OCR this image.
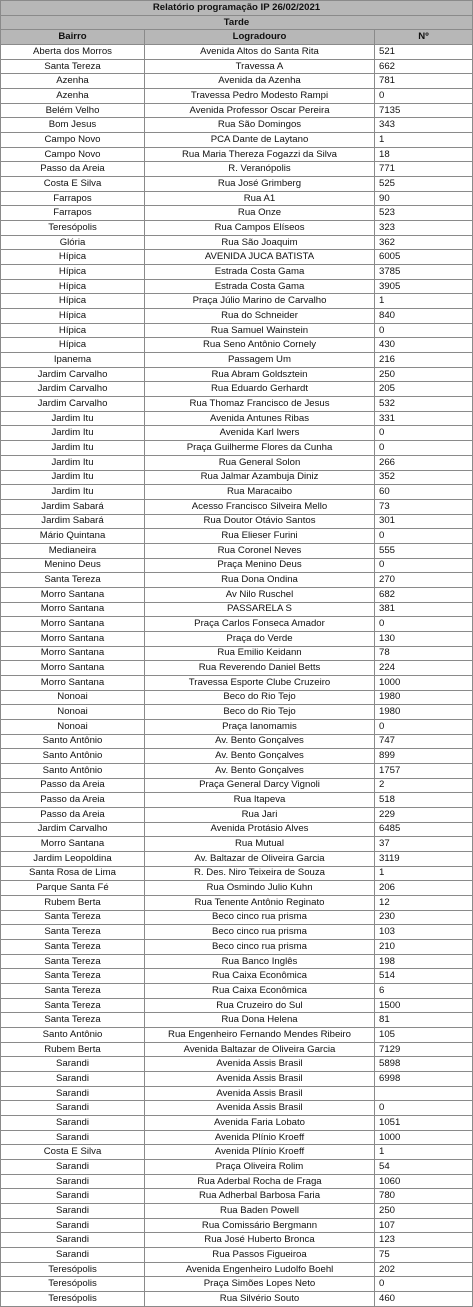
Relatório programação IP 26/02/2021		
Tarde		
Bairro	Logradouro	Nº
Aberta dos Morros	Avenida Altos do Santa Rita	521
Santa Tereza	Travessa A	662
Azenha	Avenida da Azenha	781
Azenha	Travessa Pedro Modesto Rampi	0
Belém Velho	Avenida Professor Oscar Pereira	7135
Bom Jesus	Rua São Domingos	343
Campo Novo	PCA Dante de Laytano	1
Campo Novo	Rua Maria Thereza Fogazzi da Silva	18
Passo da Areia	R. Veranópolis	771
Costa E Silva	Rua José Grimberg	525
Farrapos	Rua A1	90
Farrapos	Rua Onze	523
Teresópolis	Rua Campos Elíseos	323
Glória	Rua São Joaquim	362
Hípica	AVENIDA JUCA BATISTA	6005
Hípica	Estrada Costa Gama	3785
Hípica	Estrada Costa Gama	3905
Hípica	Praça Júlio Marino de Carvalho	1
Hípica	Rua do Schneider	840
Hípica	Rua Samuel Wainstein	0
Hípica	Rua Seno Antônio Cornely	430
Ipanema	Passagem Um	216
Jardim Carvalho	Rua Abram Goldsztein	250
Jardim Carvalho	Rua Eduardo Gerhardt	205
Jardim Carvalho	Rua Thomaz Francisco de Jesus	532
Jardim Itu	Avenida Antunes Ribas	331
Jardim Itu	Avenida Karl Iwers	0
Jardim Itu	Praça Guilherme Flores da Cunha	0
Jardim Itu	Rua General Solon	266
Jardim Itu	Rua Jalmar Azambuja Diniz	352
Jardim Itu	Rua Maracaibo	60
Jardim Sabará	Acesso Francisco Silveira Mello	73
Jardim Sabará	Rua Doutor Otávio Santos	301
Mário Quintana	Rua Elieser Furini	0
Medianeira	Rua Coronel Neves	555
Menino Deus	Praça Menino Deus	0
Santa Tereza	Rua Dona Ondina	270
Morro Santana	Av Nilo Ruschel	682
Morro Santana	PASSARELA S	381
Morro Santana	Praça Carlos Fonseca Amador	0
Morro Santana	Praça do Verde	130
Morro Santana	Rua Emilio Keidann	78
Morro Santana	Rua Reverendo Daniel Betts	224
Morro Santana	Travessa Esporte Clube Cruzeiro	1000
Nonoai	Beco do Rio Tejo	1980
Nonoai	Beco do Rio Tejo	1980
Nonoai	Praça Ianomamis	0
Santo Antônio	Av. Bento Gonçalves	747
Santo Antônio	Av. Bento Gonçalves	899
Santo Antônio	Av. Bento Gonçalves	1757
Passo da Areia	Praça General Darcy Vignoli	2
Passo da Areia	Rua Itapeva	518
Passo da Areia	Rua Jari	229
Jardim Carvalho	Avenida Protásio Alves	6485
Morro Santana	Rua Mutual	37
Jardim Leopoldina	Av. Baltazar de Oliveira Garcia	3119
Santa Rosa de Lima	R. Des. Niro Teixeira de Souza	1
Parque Santa Fé	Rua Osmindo Julio Kuhn	206
Rubem Berta	Rua Tenente Antônio Reginato	12
Santa Tereza	Beco cinco rua prisma	230
Santa Tereza	Beco cinco rua prisma	103
Santa Tereza	Beco cinco rua prisma	210
Santa Tereza	Rua Banco Inglês	198
Santa Tereza	Rua Caixa Econômica	514
Santa Tereza	Rua Caixa Econômica	6
Santa Tereza	Rua Cruzeiro do Sul	1500
Santa Tereza	Rua Dona Helena	81
Santo Antônio	Rua Engenheiro Fernando Mendes Ribeiro	105
Rubem Berta	Avenida Baltazar de Oliveira Garcia	7129
Sarandi	Avenida Assis Brasil	5898
Sarandi	Avenida Assis Brasil	6998
Sarandi	Avenida Assis Brasil	
Sarandi	Avenida Assis Brasil	0
Sarandi	Avenida Faria Lobato	1051
Sarandi	Avenida Plínio Kroeff	1000
Costa E Silva	Avenida Plínio Kroeff	1
Sarandi	Praça Oliveira Rolim	54
Sarandi	Rua Aderbal Rocha de Fraga	1060
Sarandi	Rua Adherbal Barbosa Faria	780
Sarandi	Rua Baden Powell	250
Sarandi	Rua Comissário Bergmann	107
Sarandi	Rua José Huberto Bronca	123
Sarandi	Rua Passos Figueiroa	75
Teresópolis	Avenida Engenheiro Ludolfo Boehl	202
Teresópolis	Praça Simões Lopes Neto	0
Teresópolis	Rua Silvério Souto	460
